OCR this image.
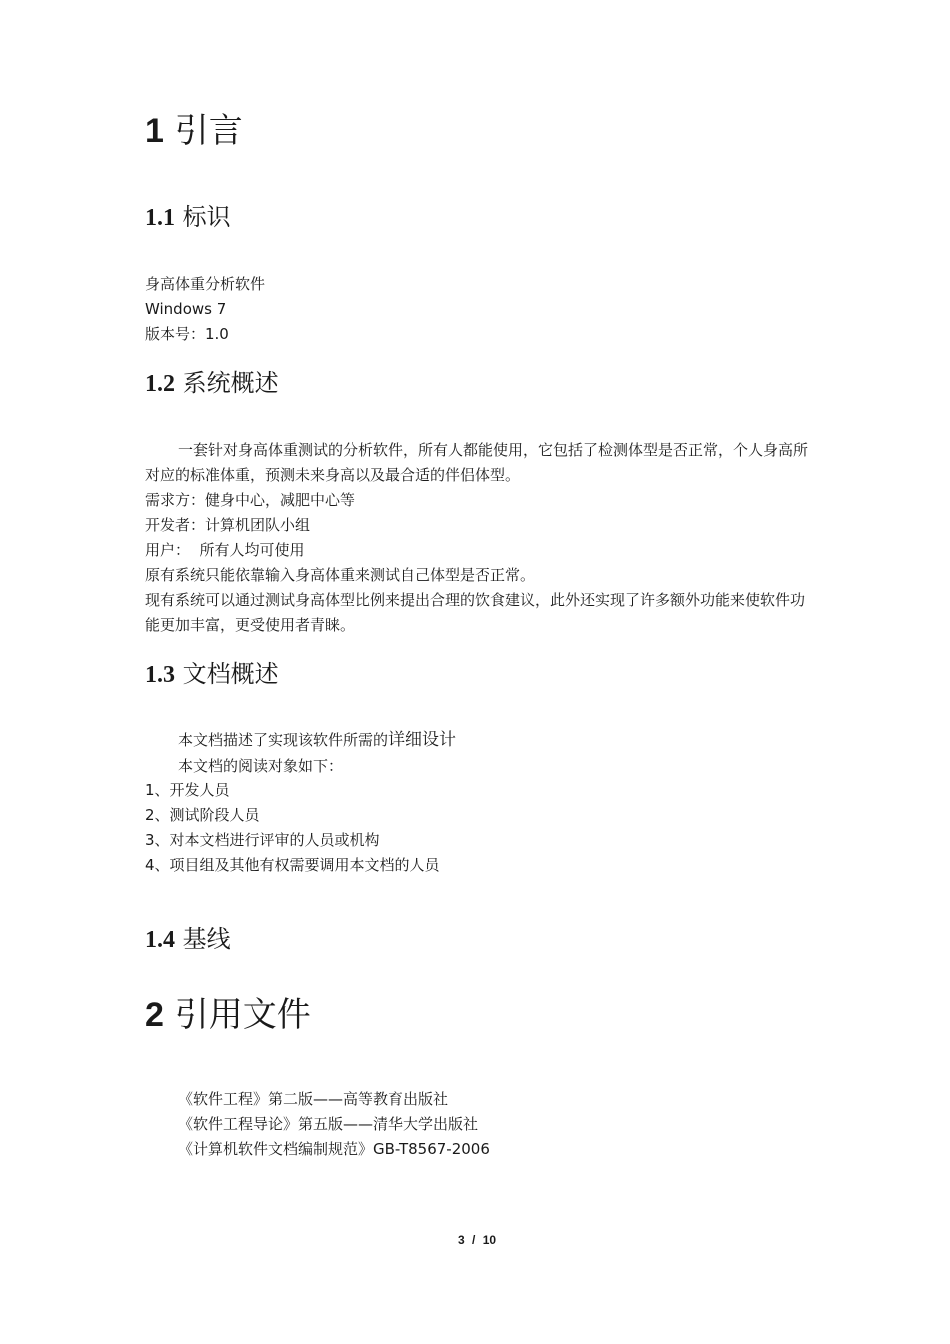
1 引言
1.1 标识
身高体重分析软件
Windows 7
版本号：1.0
1.2 系统概述
一套针对身高体重测试的分析软件，所有人都能使用，它包括了检测体型是否正常，个人身高所对应的标准体重，预测未来身高以及最合适的伴侣体型。
需求方：健身中心，减肥中心等
开发者：计算机团队小组
用户：  所有人均可使用
原有系统只能依靠输入身高体重来测试自己体型是否正常。
现有系统可以通过测试身高体型比例来提出合理的饮食建议，此外还实现了许多额外功能来使软件功能更加丰富，更受使用者青睐。
1.3 文档概述
本文档描述了实现该软件所需的详细设计
本文档的阅读对象如下：
1、开发人员
2、测试阶段人员
3、对本文档进行评审的人员或机构
4、项目组及其他有权需要调用本文档的人员
1.4 基线
2 引用文件
《软件工程》第二版——高等教育出版社
《软件工程导论》第五版——清华大学出版社
《计算机软件文档编制规范》GB-T8567-2006
3 / 10
